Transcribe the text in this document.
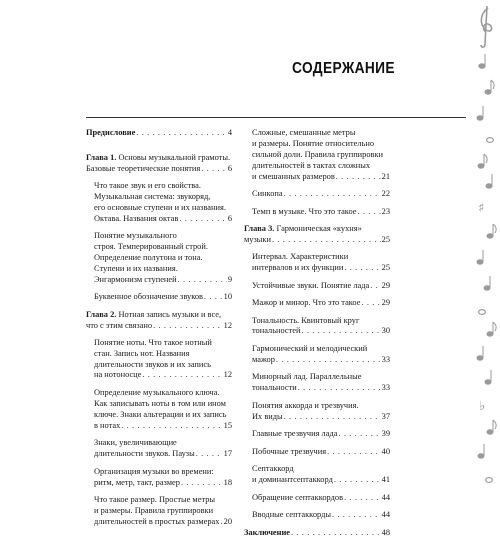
СОДЕРЖАНИЕ
Предисловие . . .	4
Глава 1. Основы музыкальной грамоты.
Базовые теоретические понятия . . .	6
Что такое звук и его свойства.
Музыкальная система: звукоряд,
его основные ступени и их названия.
Октава. Названия октав . . .	6
Понятие музыкального
строя. Темперированный строй.
Определение полутона и тона.
Ступени и их названия.
Энгармонизм ступеней . . .	9
Буквенное обозначение звуков . . . 10
Глава 2. Нотная запись музыки и все,
что с этим связано . . .	12
Понятие ноты. Что такое нотный
стан. Запись нот. Названия
длительности звуков и их запись
на нотоносце . . .	12
Определение музыкального ключа.
Как записывать ноты в том или ином
ключе. Знаки альтерации и их запись
в нотах . . .	15
Знаки, увеличивающие
длительности звуков. Паузы . . .	17
Организация музыки во времени:
ритм, метр, такт, размер . . .	18
Что такое размер. Простые метры
и размеры. Правила группировки
длительностей в простых размерах . . . 20
Сложные, смешанные метры
и размеры. Понятие относительно
сильной доли. Правила группировки
длительностей в тактах сложных
и смешанных размеров . . .	21
Синкопа . . .	22
Темп в музыке. Что это такое . . .	23
Глава 3. Гармоническая «кухня»
музыки . . .	25
Интервал. Характеристики
интервалов и их функции . . .	25
Устойчивые звуки. Понятие лада . . . 29
Мажор и минор. Что это такое . . .	29
Тональность. Квинтовый круг
тональностей . . .	30
Гармонический и мелодический
мажор . . .	33
Минорный лад. Параллельные
тональности . . .	33
Понятия аккорда и трезвучия.
Их виды . . .	37
Главные трезвучия лада . . .	39
Побочные трезвучия . . .	40
Септаккорд
и доминантсептаккорд . . .	41
Обращение септаккордов . . .	44
Вводные септаккорды . . .	44
Заключение . . .	48
♯
♭
